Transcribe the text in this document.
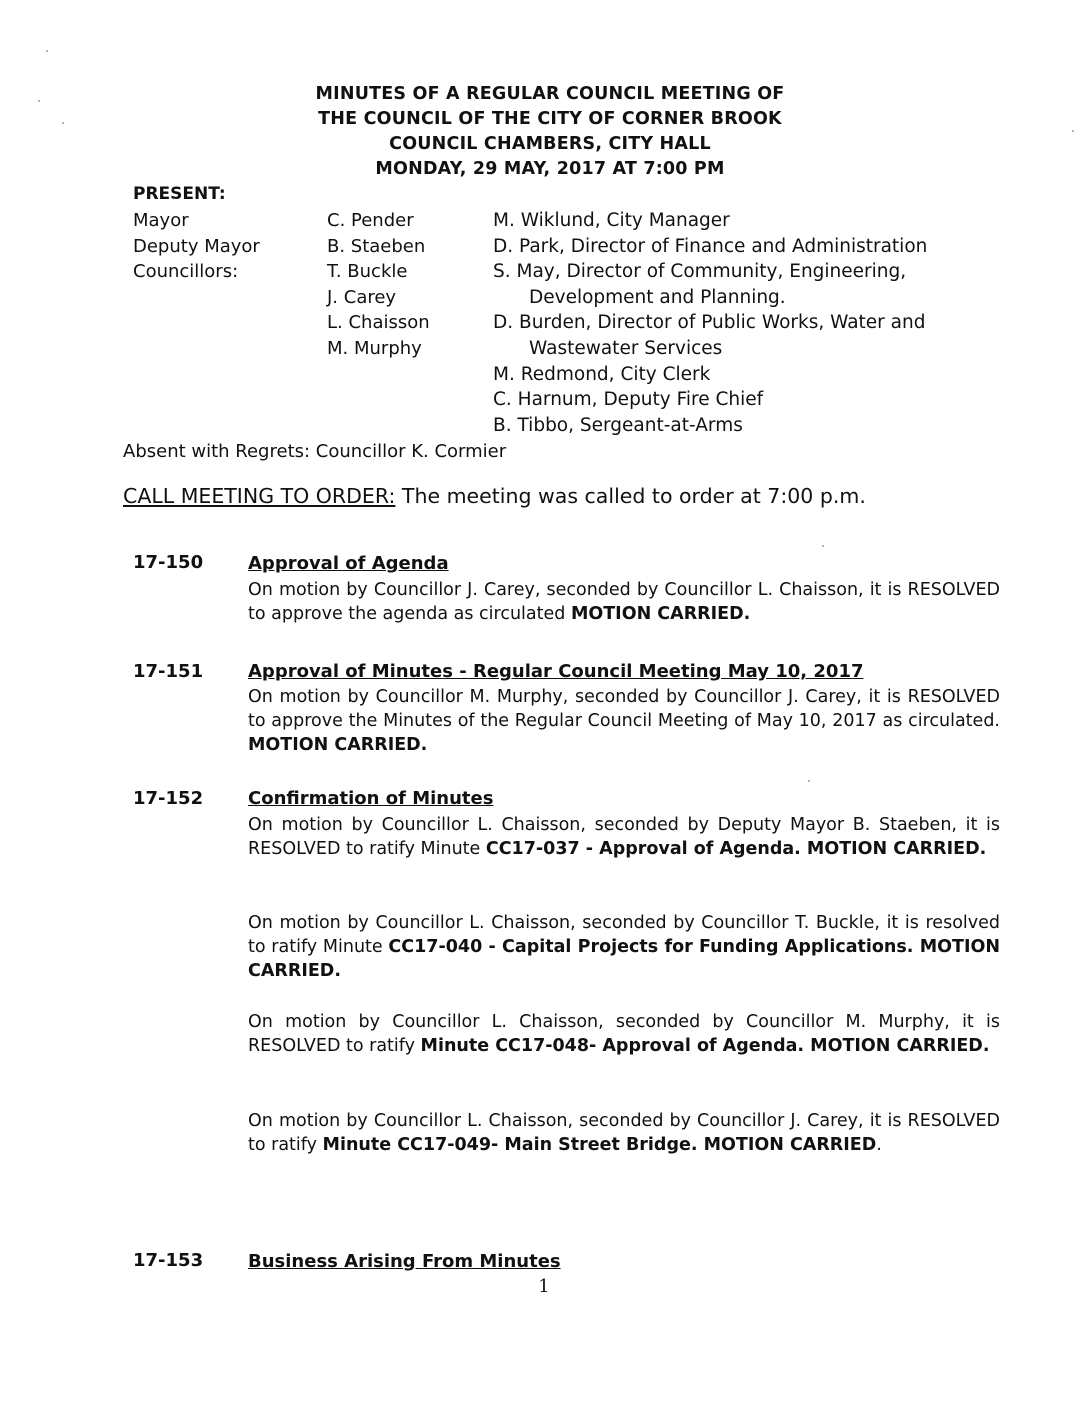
MINUTES OF A REGULAR COUNCIL MEETING OF
THE COUNCIL OF THE CITY OF CORNER BROOK
COUNCIL CHAMBERS, CITY HALL
MONDAY, 29 MAY, 2017 AT 7:00 PM
PRESENT:
Mayor
Deputy Mayor
Councillors:
C. Pender
B. Staeben
T. Buckle
J. Carey
L. Chaisson
M. Murphy
M. Wiklund, City Manager
D. Park, Director of Finance and Administration
S. May, Director of Community, Engineering,
Development and Planning.
D. Burden, Director of Public Works, Water and
Wastewater Services
M. Redmond, City Clerk
C. Harnum, Deputy Fire Chief
B. Tibbo, Sergeant-at-Arms
Absent with Regrets: Councillor K. Cormier
CALL MEETING TO ORDER: The meeting was called to order at 7:00 p.m.
17-150 Approval of Agenda
On motion by Councillor J. Carey, seconded by Councillor L. Chaisson, it is RESOLVED to approve the agenda as circulated MOTION CARRIED.
17-151 Approval of Minutes - Regular Council Meeting May 10, 2017
On motion by Councillor M. Murphy, seconded by Councillor J. Carey, it is RESOLVED to approve the Minutes of the Regular Council Meeting of May 10, 2017 as circulated. MOTION CARRIED.
17-152 Confirmation of Minutes
On motion by Councillor L. Chaisson, seconded by Deputy Mayor B. Staeben, it is RESOLVED to ratify Minute CC17-037 - Approval of Agenda. MOTION CARRIED.
On motion by Councillor L. Chaisson, seconded by Councillor T. Buckle, it is resolved to ratify Minute CC17-040 - Capital Projects for Funding Applications. MOTION CARRIED.
On motion by Councillor L. Chaisson, seconded by Councillor M. Murphy, it is RESOLVED to ratify Minute CC17-048- Approval of Agenda. MOTION CARRIED.
On motion by Councillor L. Chaisson, seconded by Councillor J. Carey, it is RESOLVED to ratify Minute CC17-049- Main Street Bridge. MOTION CARRIED.
17-153 Business Arising From Minutes
1
